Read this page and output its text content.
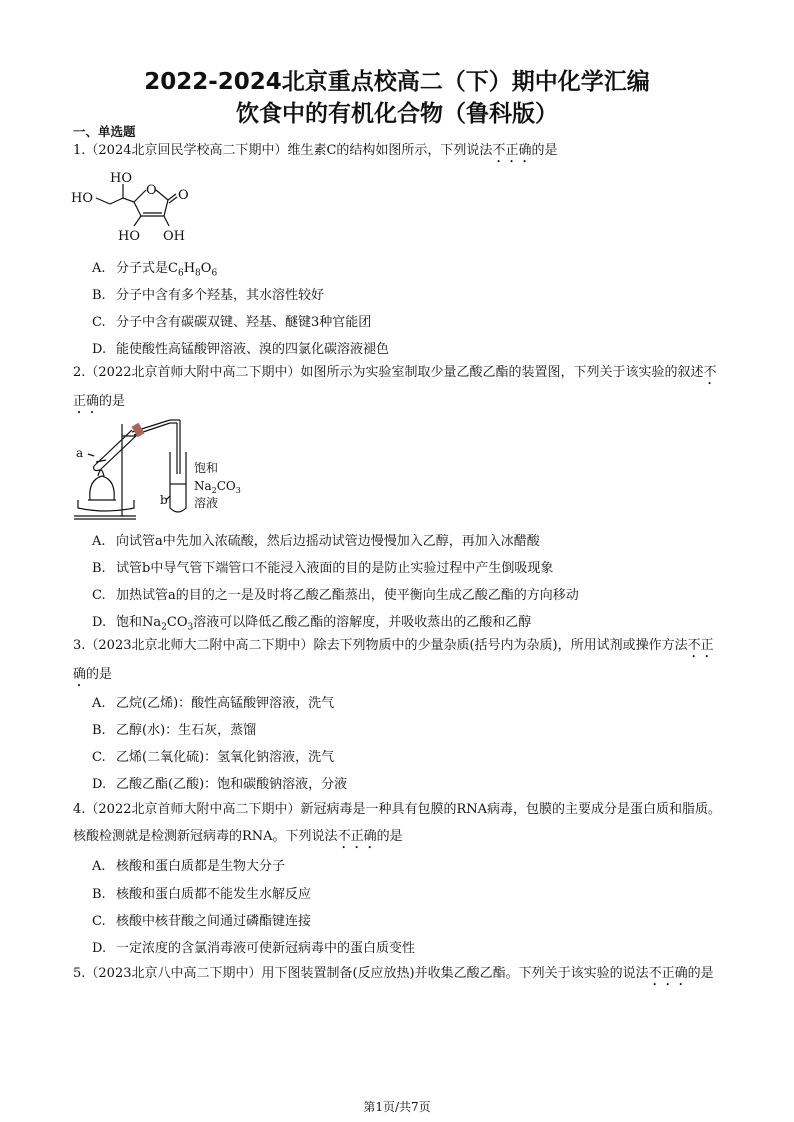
2022-2024北京重点校高二（下）期中化学汇编
饮食中的有机化合物（鲁科版）
一、单选题
1.（2024北京回民学校高二下期中）维生素C的结构如图所示，下列说法不正确的是
HO
HO
O O
HO OH
A. 分子式是$C_6H_8O_6$
B. 分子中含有多个羟基，其水溶性较好
C. 分子中含有碳碳双键、羟基、醚键3种官能团
D. 能使酸性高锰酸钾溶液、溴的四氯化碳溶液褪色
2.（2022北京首师大附中高二下期中）如图所示为实验室制取少量乙酸乙酯的装置图，下列关于该实验的叙述不正确的是
a
b
饱和
$Na_2CO_3$
溶液
A. 向试管a中先加入浓硫酸，然后边摇动试管边慢慢加入乙醇，再加入冰醋酸
B. 试管b中导气管下端管口不能浸入液面的目的是防止实验过程中产生倒吸现象
C. 加热试管a的目的之一是及时将乙酸乙酯蒸出，使平衡向生成乙酸乙酯的方向移动
D. 饱和$Na_2CO_3$溶液可以降低乙酸乙酯的溶解度，并吸收蒸出的乙酸和乙醇
3.（2023北京北师大二附中高二下期中）除去下列物质中的少量杂质(括号内为杂质)，所用试剂或操作方法不正确的是
A. 乙烷(乙烯)：酸性高锰酸钾溶液，洗气
B. 乙醇(水)：生石灰，蒸馏
C. 乙烯(二氧化硫)：氢氧化钠溶液，洗气
D. 乙酸乙酯(乙酸)：饱和碳酸钠溶液，分液
4.（2022北京首师大附中高二下期中）新冠病毒是一种具有包膜的RNA病毒，包膜的主要成分是蛋白质和脂质。核酸检测就是检测新冠病毒的RNA。下列说法不正确的是
A. 核酸和蛋白质都是生物大分子
B. 核酸和蛋白质都不能发生水解反应
C. 核酸中核苷酸之间通过磷酯键连接
D. 一定浓度的含氯消毒液可使新冠病毒中的蛋白质变性
5.（2023北京八中高二下期中）用下图装置制备(反应放热)并收集乙酸乙酯。下列关于该实验的说法不正确的是
第1页/共7页
